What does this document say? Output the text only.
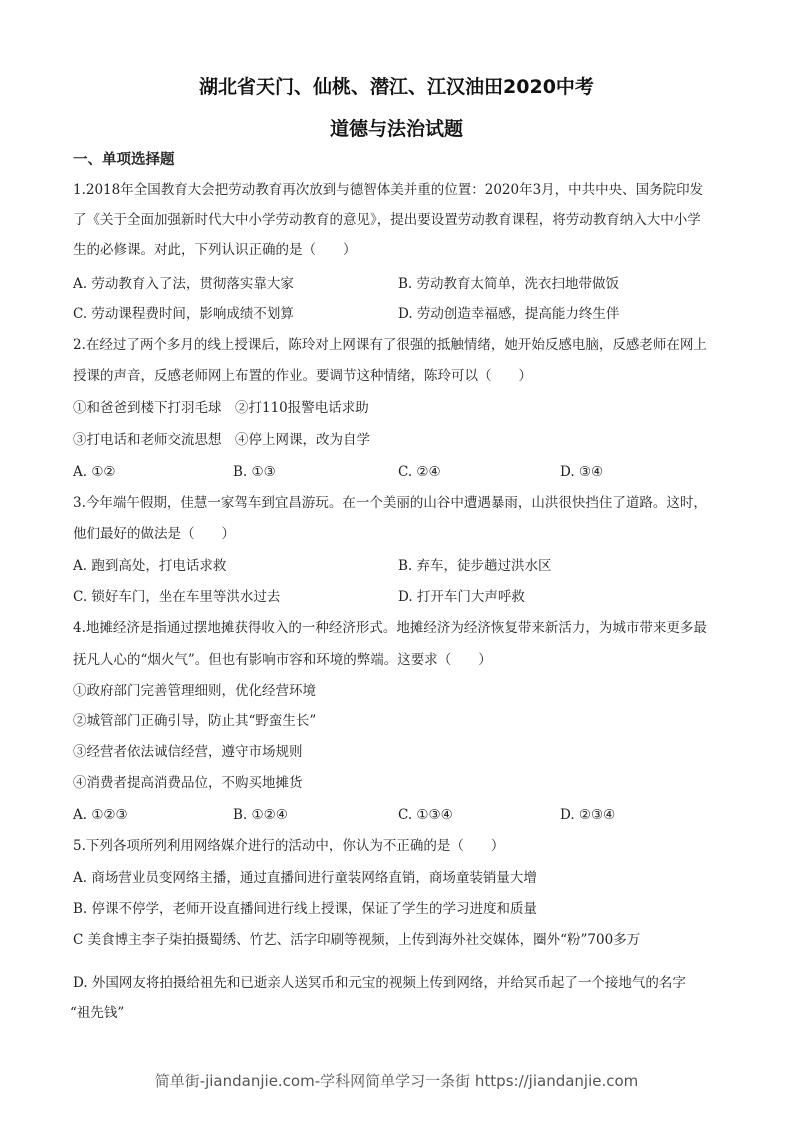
湖北省天门、仙桃、潜江、江汉油田2020中考
道德与法治试题
一、单项选择题
1.2018年全国教育大会把劳动教育再次放到与德智体美并重的位置：2020年3月，中共中央、国务院印发
了《关于全面加强新时代大中小学劳动教育的意见》，提出要设置劳动教育课程，将劳动教育纳入大中小学
生的必修课。对此，下列认识正确的是（　　）
A. 劳动教育入了法，贯彻落实靠大家	B. 劳动教育太简单，洗衣扫地带做饭
C. 劳动课程费时间，影响成绩不划算	D. 劳动创造幸福感，提高能力终生伴
2.在经过了两个多月的线上授课后，陈玲对上网课有了很强的抵触情绪，她开始反感电脑，反感老师在网上
授课的声音，反感老师网上布置的作业。要调节这种情绪，陈玲可以（　　）
①和爸爸到楼下打羽毛球　②打110报警电话求助
③打电话和老师交流思想　④停上网课，改为自学
A. ①②	B. ①③	C. ②④	D. ③④
3.今年端午假期，佳慧一家驾车到宜昌游玩。在一个美丽的山谷中遭遇暴雨，山洪很快挡住了道路。这时，
他们最好的做法是（　　）
A. 跑到高处，打电话求救	B. 弃车，徒步趟过洪水区
C. 锁好车门，坐在车里等洪水过去	D. 打开车门大声呼救
4.地摊经济是指通过摆地摊获得收入的一种经济形式。地摊经济为经济恢复带来新活力，为城市带来更多最
抚凡人心的“烟火气”。但也有影响市容和环境的弊端。这要求（　　）
①政府部门完善管理细则，优化经营环境
②城管部门正确引导，防止其“野蛮生长”
③经营者依法诚信经营，遵守市场规则
④消费者提高消费品位，不购买地摊货
A. ①②③	B. ①②④	C. ①③④	D. ②③④
5.下列各项所列利用网络媒介进行的活动中，你认为不正确的是（　　）
A. 商场营业员变网络主播，通过直播间进行童装网络直销，商场童装销量大增
B. 停课不停学，老师开设直播间进行线上授课，保证了学生的学习进度和质量
C 美食博主李子柒拍摄蜀绣、竹艺、活字印刷等视频，上传到海外社交媒体，圈外“粉”700多万
D. 外国网友将拍摄给祖先和已逝亲人送冥币和元宝的视频上传到网络，并给冥币起了一个接地气的名字
“祖先钱”
简单街-jiandanjie.com-学科网简单学习一条街 https://jiandanjie.com
